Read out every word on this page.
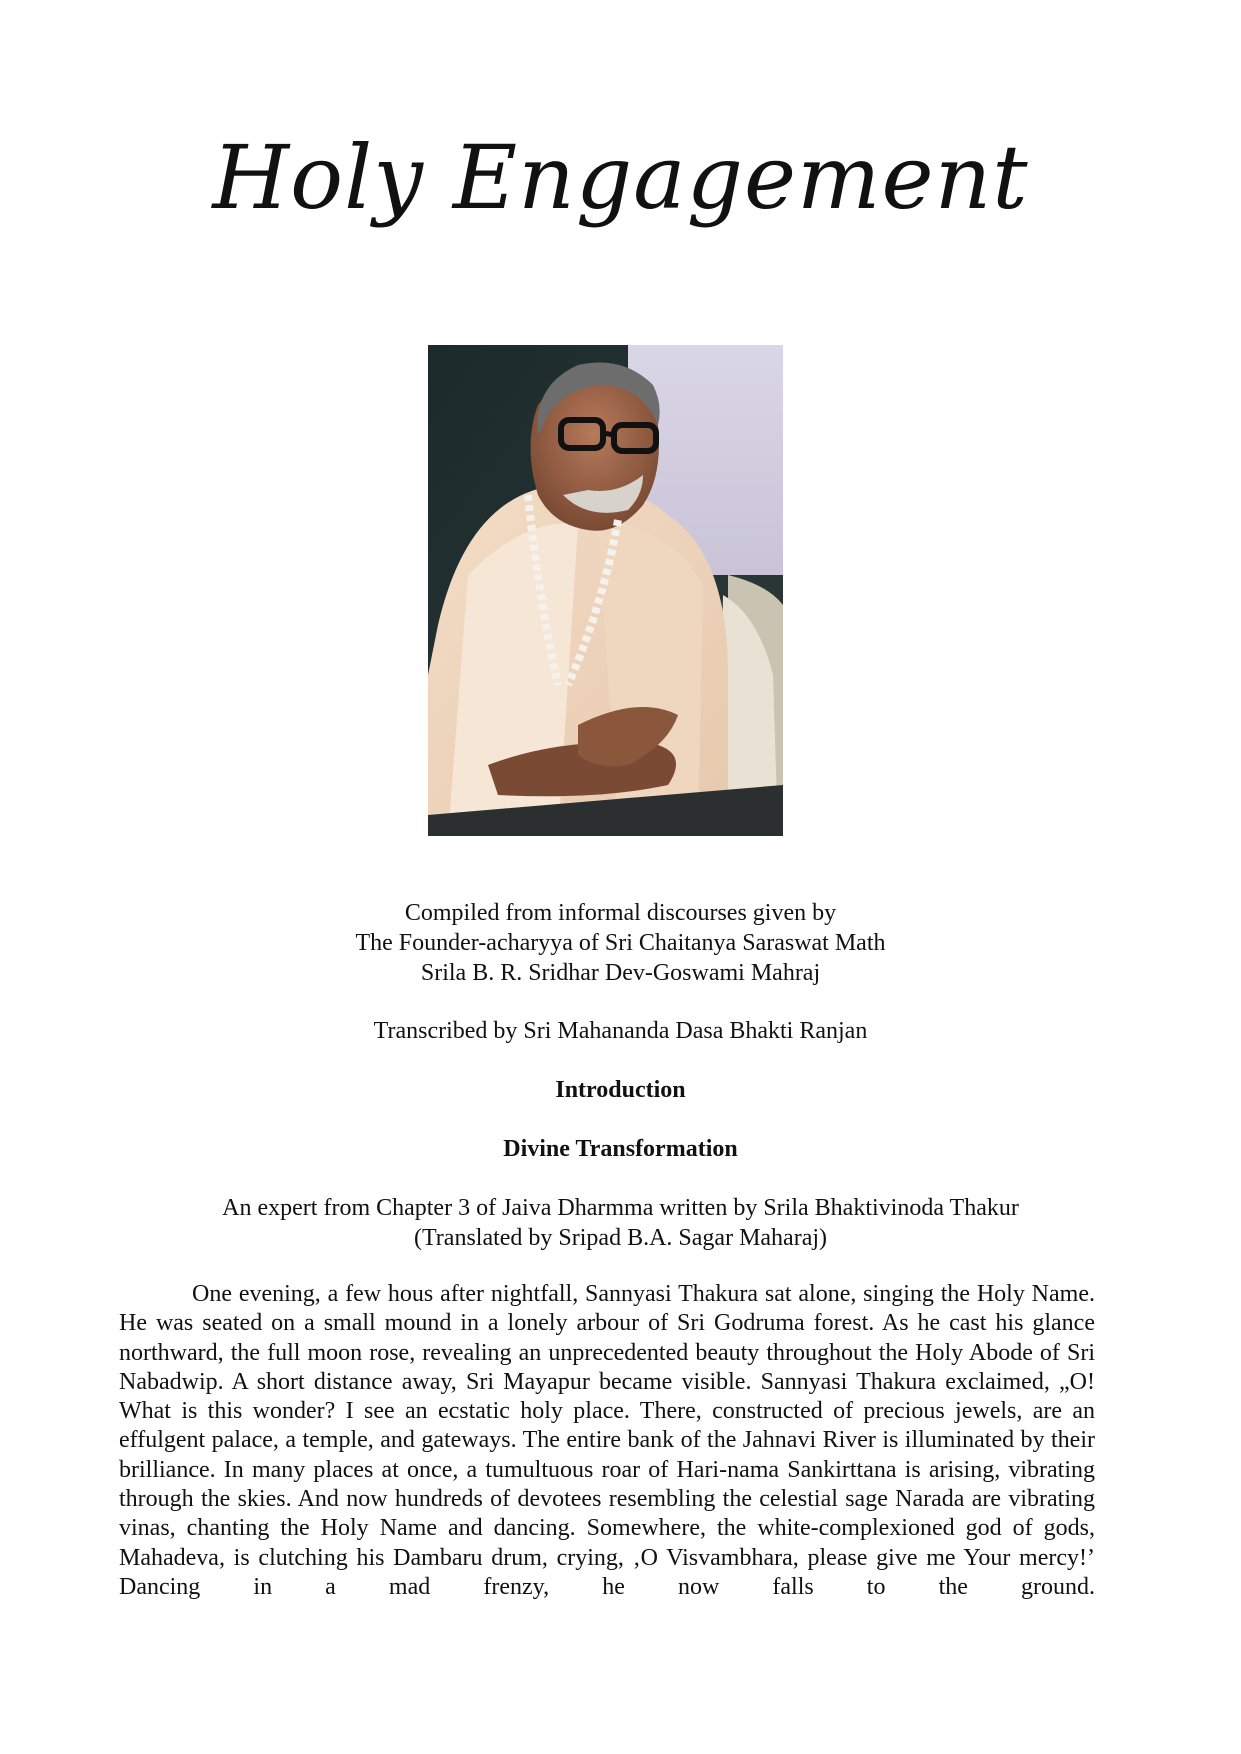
Holy Engagement
Compiled from informal discourses given by
The Founder-acharyya of Sri Chaitanya Saraswat Math
Srila B. R. Sridhar Dev-Goswami Mahraj
Transcribed by Sri Mahananda Dasa Bhakti Ranjan
Introduction
Divine Transformation
An expert from Chapter 3 of Jaiva Dharmma written by Srila Bhaktivinoda Thakur
(Translated by Sripad B.A. Sagar Maharaj)

One evening, a few hous after nightfall, Sannyasi Thakura sat alone, singing the Holy Name. He was seated on a small mound in a lonely arbour of Sri Godruma forest. As he cast his glance northward, the full moon rose, revealing an unprecedented beauty throughout the Holy Abode of Sri Nabadwip. A short distance away, Sri Mayapur became visible. Sannyasi Thakura exclaimed, „O! What is this wonder? I see an ecstatic holy place. There, constructed of precious jewels, are an effulgent palace, a temple, and gateways. The entire bank of the Jahnavi River is illuminated by their brilliance. In many places at once, a tumultuous roar of Hari-nama Sankirttana is arising, vibrating through the skies. And now hundreds of devotees resembling the celestial sage Narada are vibrating vinas, chanting the Holy Name and dancing. Somewhere, the white-complexioned god of gods, Mahadeva, is clutching his Dambaru drum, crying, ‚O Visvambhara, please give me Your mercy!’ Dancing in a mad frenzy, he now falls to the ground.
